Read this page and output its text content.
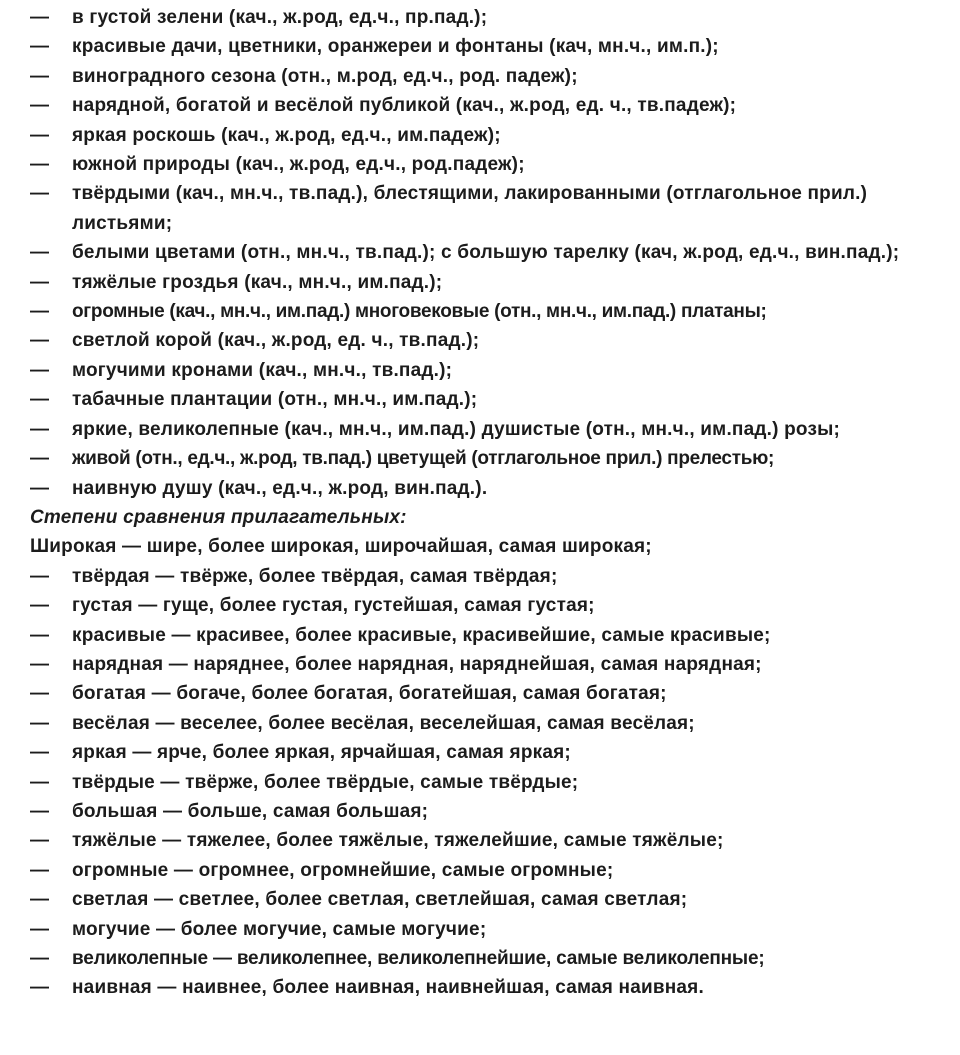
—	в густой зелени (кач., ж.род, ед.ч., пр.пад.);
—	красивые дачи, цветники, оранжереи и фонтаны (кач, мн.ч., им.п.);
—	виноградного сезона (отн., м.род, ед.ч., род. падеж);
—	нарядной, богатой и весёлой публикой (кач., ж.род, ед. ч., тв.падеж);
—	яркая роскошь (кач., ж.род, ед.ч., им.падеж);
—	южной природы (кач., ж.род, ед.ч., род.падеж);
—	твёрдыми (кач., мн.ч., тв.пад.), блестящими, лакированными (отглагольное прил.) листьями;
—	белыми цветами (отн., мн.ч., тв.пад.); с большую тарелку (кач, ж.род, ед.ч., вин.пад.);
—	тяжёлые гроздья (кач., мн.ч., им.пад.);
—	огромные (кач., мн.ч., им.пад.) многовековые (отн., мн.ч., им.пад.) платаны;
—	светлой корой (кач., ж.род, ед. ч., тв.пад.);
—	могучими кронами (кач., мн.ч., тв.пад.);
—	табачные плантации (отн., мн.ч., им.пад.);
—	яркие, великолепные (кач., мн.ч., им.пад.) душистые (отн., мн.ч., им.пад.) розы;
—	живой (отн., ед.ч., ж.род, тв.пад.) цветущей (отглагольное прил.) прелестью;
—	наивную душу (кач., ед.ч., ж.род, вин.пад.).
Степени сравнения прилагательных:
Широкая — шире, более широкая, широчайшая, самая широкая;
—	твёрдая — твёрже, более твёрдая, самая твёрдая;
—	густая — гуще, более густая, густейшая, самая густая;
—	красивые — красивее, более красивые, красивейшие, самые красивые;
—	нарядная — наряднее, более нарядная, наряднейшая, самая нарядная;
—	богатая — богаче, более богатая, богатейшая, самая богатая;
—	весёлая — веселее, более весёлая, веселейшая, самая весёлая;
—	яркая — ярче, более яркая, ярчайшая, самая яркая;
—	твёрдые — твёрже, более твёрдые, самые твёрдые;
—	большая — больше, самая большая;
—	тяжёлые — тяжелее, более тяжёлые, тяжелейшие, самые тяжёлые;
—	огромные — огромнее, огромнейшие, самые огромные;
—	светлая — светлее, более светлая, светлейшая, самая светлая;
—	могучие — более могучие, самые могучие;
—	великолепные — великолепнее, великолепнейшие, самые великолепные;
—	наивная — наивнее, более наивная, наивнейшая, самая наивная.
